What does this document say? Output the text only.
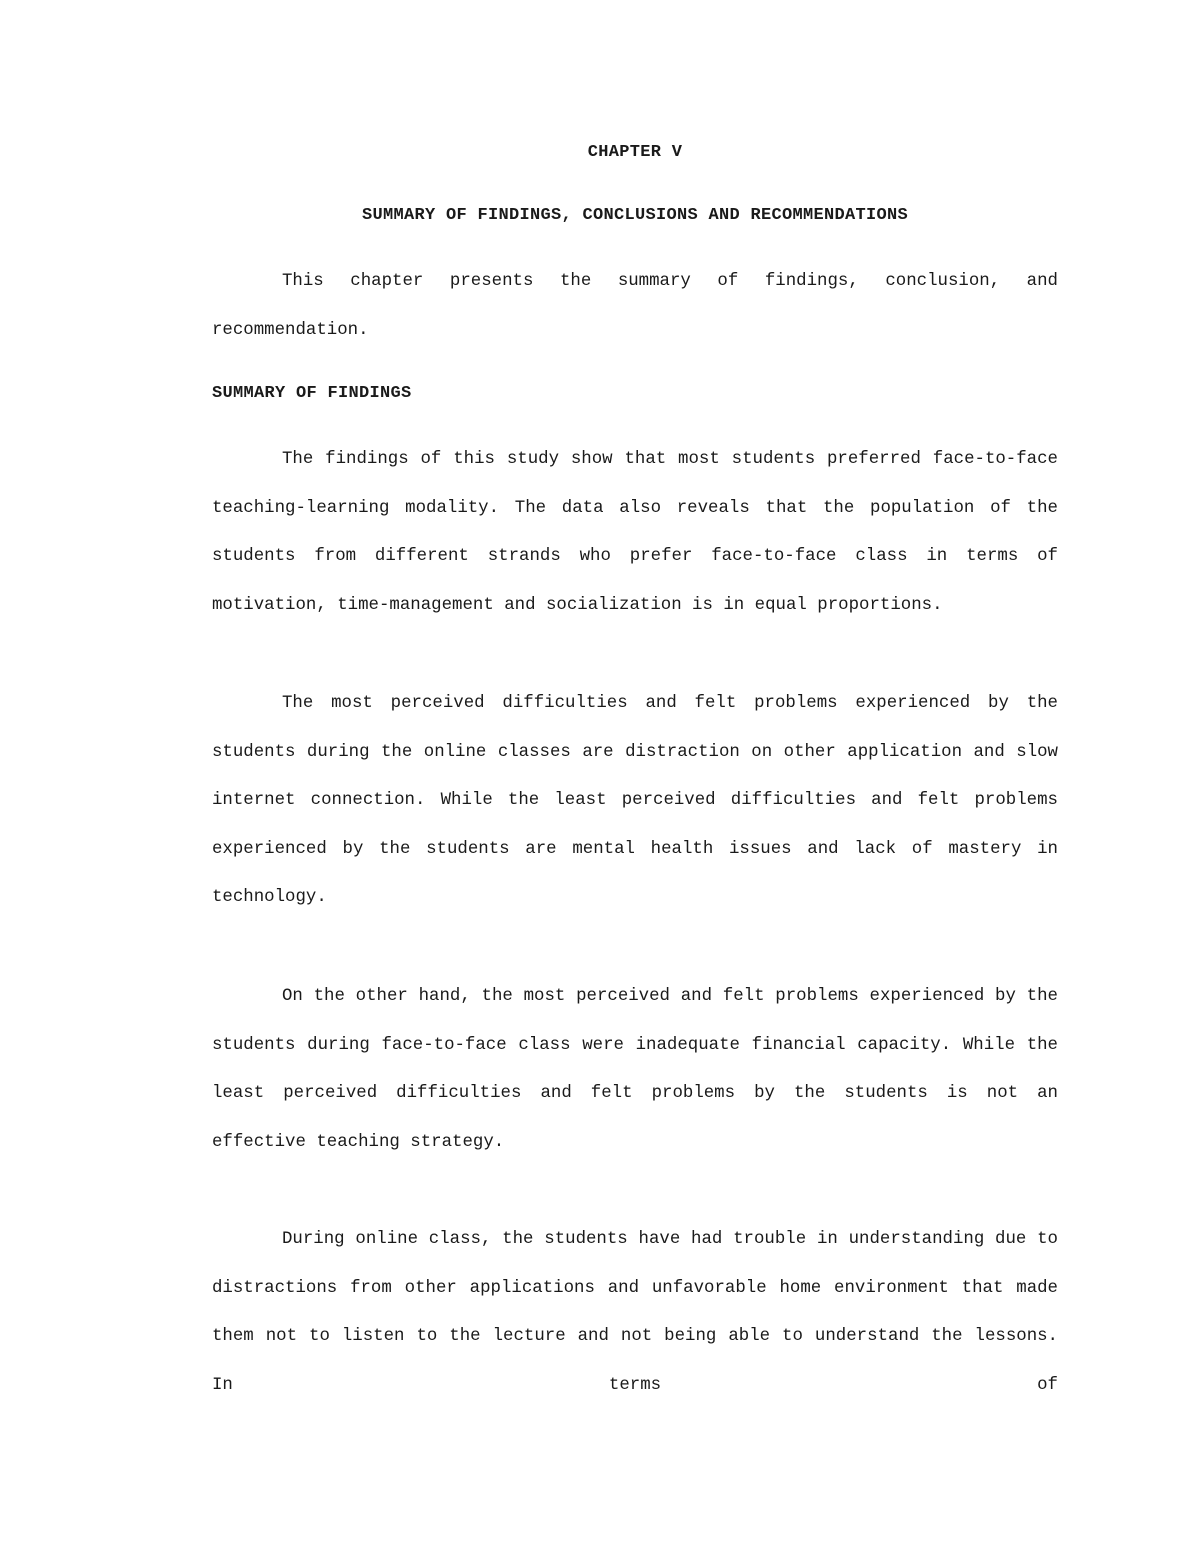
CHAPTER V
SUMMARY OF FINDINGS, CONCLUSIONS AND RECOMMENDATIONS
This chapter presents the summary of findings, conclusion, and recommendation.
SUMMARY OF FINDINGS
The findings of this study show that most students preferred face-to-face teaching-learning modality. The data also reveals that the population of the students from different strands who prefer face-to-face class in terms of motivation, time-management and socialization is in equal proportions.
The most perceived difficulties and felt problems experienced by the students during the online classes are distraction on other application and slow internet connection. While the least perceived difficulties and felt problems experienced by the students are mental health issues and lack of mastery in technology.
On the other hand, the most perceived and felt problems experienced by the students during face-to-face class were inadequate financial capacity. While the least perceived difficulties and felt problems by the students is not an effective teaching strategy.
During online class, the students have had trouble in understanding due to distractions from other applications and unfavorable home environment that made them not to listen to the lecture and not being able to understand the lessons. In terms of
